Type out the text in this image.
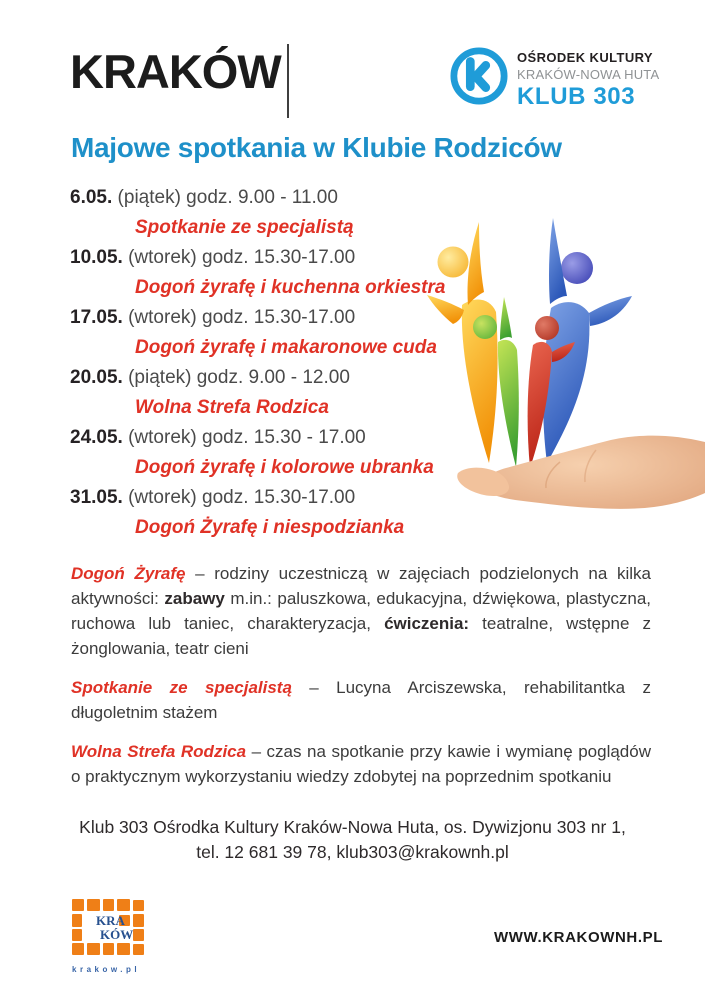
KRAKÓW	OŚRODEK KULTURY
KRAKÓW-NOWA HUTA
KLUB 303
Majowe spotkania w Klubie Rodziców
6.05. (piątek) godz. 9.00 - 11.00
Spotkanie ze specjalistą
10.05. (wtorek) godz. 15.30-17.00
Dogoń żyrafę i kuchenna orkiestra
17.05. (wtorek) godz. 15.30-17.00
Dogoń żyrafę i makaronowe cuda
20.05. (piątek) godz. 9.00 - 12.00
Wolna Strefa Rodzica
24.05. (wtorek) godz. 15.30 - 17.00
Dogoń żyrafę i kolorowe ubranka
31.05. (wtorek) godz. 15.30-17.00
Dogoń Żyrafę i niespodzianka

Dogoń Żyrafę – rodziny uczestniczą w zajęciach podzielonych na kilka aktywności: zabawy m.in.: paluszkowa, edukacyjna, dźwiękowa, plastyczna, ruchowa lub taniec, charakteryzacja, ćwiczenia: teatralne, wstępne z żonglowania, teatr cieni

Spotkanie ze specjalistą – Lucyna Arciszewska, rehabilitantka z długoletnim stażem

Wolna Strefa Rodzica – czas na spotkanie przy kawie i wymianę poglądów o praktycznym wykorzystaniu wiedzy zdobytej na poprzednim spotkaniu

Klub 303 Ośrodka Kultury Kraków-Nowa Huta, os. Dywizjonu 303 nr 1,
tel. 12 681 39 78, klub303@krakownh.pl
KRA
KÓW
krakow.pl
WWW.KRAKOWNH.PL
